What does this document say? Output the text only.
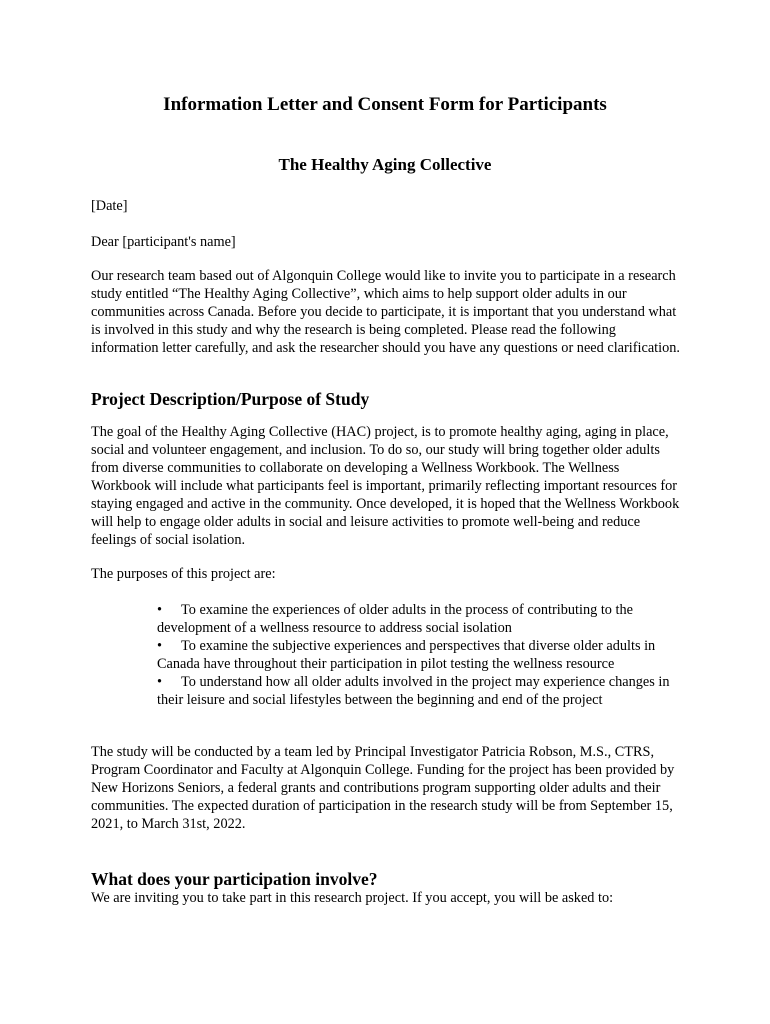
Information Letter and Consent Form for Participants
The Healthy Aging Collective

[Date]

Dear [participant's name]

Our research team based out of Algonquin College would like to invite you to participate in a research study entitled “The Healthy Aging Collective”, which aims to help support older adults in our communities across Canada. Before you decide to participate, it is important that you understand what is involved in this study and why the research is being completed. Please read the following information letter carefully, and ask the researcher should you have any questions or need clarification.

Project Description/Purpose of Study

The goal of the Healthy Aging Collective (HAC) project, is to promote healthy aging, aging in place, social and volunteer engagement, and inclusion. To do so, our study will bring together older adults from diverse communities to collaborate on developing a Wellness Workbook. The Wellness Workbook will include what participants feel is important, primarily reflecting important resources for staying engaged and active in the community. Once developed, it is hoped that the Wellness Workbook will help to engage older adults in social and leisure activities to promote well-being and reduce feelings of social isolation.

The purposes of this project are:

• To examine the experiences of older adults in the process of contributing to the development of a wellness resource to address social isolation
• To examine the subjective experiences and perspectives that diverse older adults in Canada have throughout their participation in pilot testing the wellness resource
• To understand how all older adults involved in the project may experience changes in their leisure and social lifestyles between the beginning and end of the project

The study will be conducted by a team led by Principal Investigator Patricia Robson, M.S., CTRS, Program Coordinator and Faculty at Algonquin College. Funding for the project has been provided by New Horizons Seniors, a federal grants and contributions program supporting older adults and their communities. The expected duration of participation in the research study will be from September 15, 2021, to March 31st, 2022.

What does your participation involve?

We are inviting you to take part in this research project. If you accept, you will be asked to:
